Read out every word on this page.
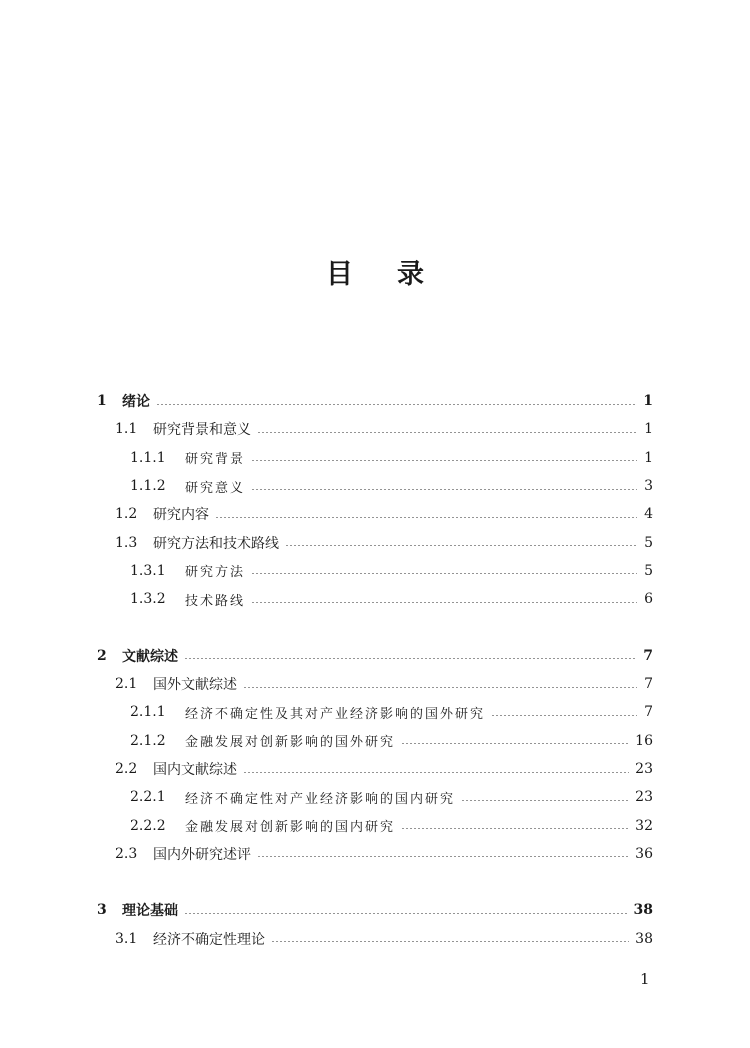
目录
1	绪论	1
1.1	研究背景和意义	1
1.1.1	研究背景	1
1.1.2	研究意义	3
1.2	研究内容	4
1.3	研究方法和技术路线	5
1.3.1	研究方法	5
1.3.2	技术路线	6
2	文献综述	7
2.1	国外文献综述	7
2.1.1	经济不确定性及其对产业经济影响的国外研究	7
2.1.2	金融发展对创新影响的国外研究	16
2.2	国内文献综述	23
2.2.1	经济不确定性对产业经济影响的国内研究	23
2.2.2	金融发展对创新影响的国内研究	32
2.3	国内外研究述评	36
3	理论基础	38
3.1	经济不确定性理论	38
1
